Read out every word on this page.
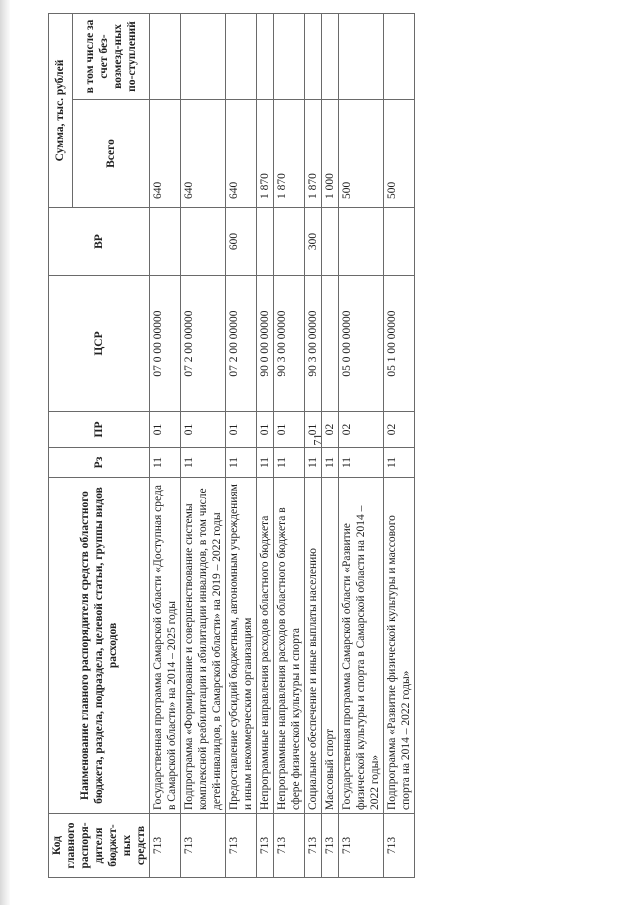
71
Код главного распоря-дителя бюджет-ных средств	Наименование главного распорядителя средств областного бюджета, раздела, подраздела, целевой статьи, группы видов расходов	Рз	ПР	ЦСР	ВР	Сумма, тыс. рублей	
						Всего	в том числе за счет без-возмезд-ных по-ступлений
713	Государственная программа Самарской области «Доступная среда в Самарской области» на 2014 – 2025 годы	11	01	07 0 00 00000		640	
713	Подпрограмма «Формирование и совершенствование системы комплексной реабилитации и абилитации инвалидов, в том числе детей-инвалидов, в Самарской области» на 2019 – 2022 годы	11	01	07 2 00 00000		640	
713	Предоставление субсидий бюджетным, автономным учреждениям и иным некоммерческим организациям	11	01	07 2 00 00000	600	640	
713	Непрограммные направления расходов областного бюджета	11	01	90 0 00 00000		1 870	
713	Непрограммные направления расходов областного бюджета в сфере физической культуры и спорта	11	01	90 3 00 00000		1 870	
713	Социальное обеспечение и иные выплаты населению	11	01	90 3 00 00000	300	1 870	
713	Массовый спорт	11	02			1 000	
713	Государственная программа Самарской области «Развитие физической культуры и спорта в Самарской области на 2014 – 2022 годы»	11	02	05 0 00 00000		500	
713	Подпрограмма «Развитие физической культуры и массового спорта на 2014 – 2022 годы»	11	02	05 1 00 00000		500	
